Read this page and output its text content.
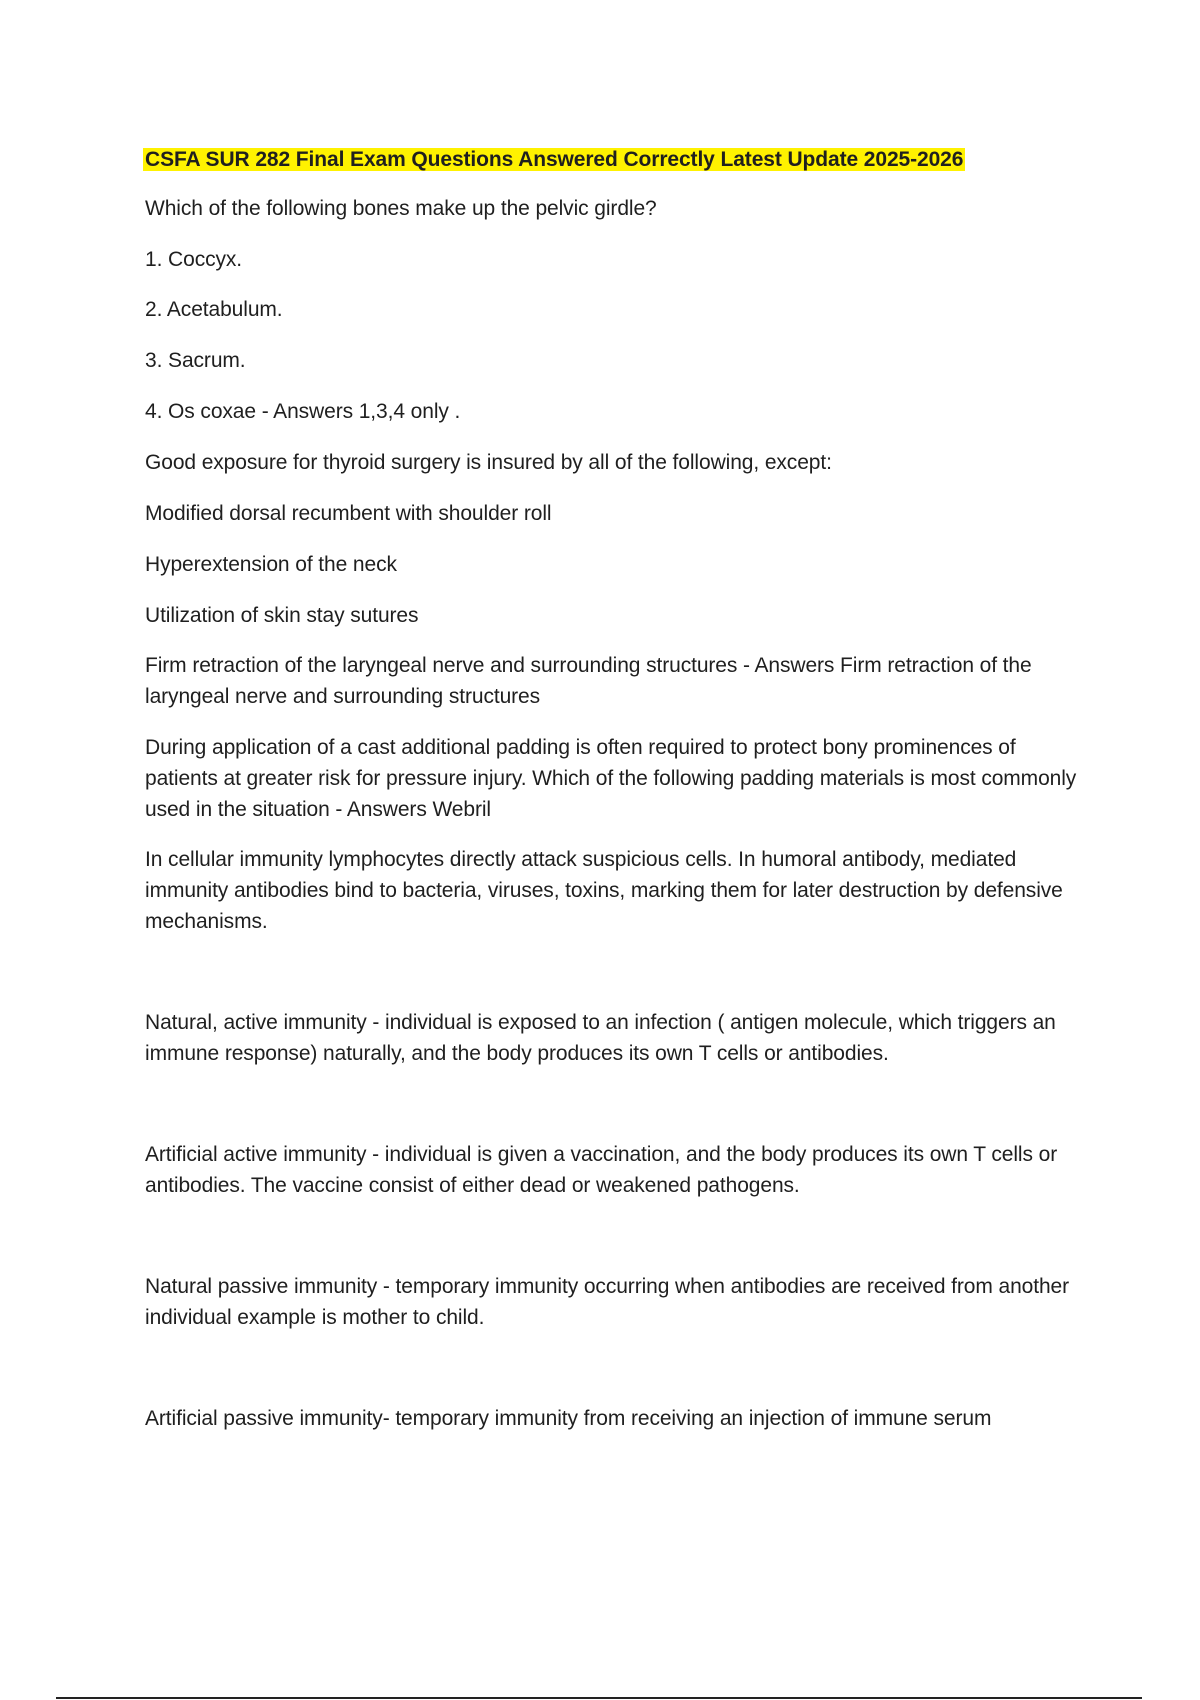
CSFA SUR 282 Final Exam Questions Answered Correctly Latest Update 2025-2026

Which of the following bones make up the pelvic girdle?

1. Coccyx.

2. Acetabulum.

3. Sacrum.

4. Os coxae - Answers 1,3,4 only .

Good exposure for thyroid surgery is insured by all of the following, except:

Modified dorsal recumbent with shoulder roll

Hyperextension of the neck

Utilization of skin stay sutures

Firm retraction of the laryngeal nerve and surrounding structures - Answers Firm retraction of the laryngeal nerve and surrounding structures

During application of a cast additional padding is often required to protect bony prominences of patients at greater risk for pressure injury. Which of the following padding materials is most commonly used in the situation - Answers Webril

In cellular immunity lymphocytes directly attack suspicious cells. In humoral antibody, mediated immunity antibodies bind to bacteria, viruses, toxins, marking them for later destruction by defensive mechanisms.

Natural, active immunity - individual is exposed to an infection ( antigen molecule, which triggers an immune response) naturally, and the body produces its own T cells or antibodies.

Artificial active immunity - individual is given a vaccination, and the body produces its own T cells or antibodies. The vaccine consist of either dead or weakened pathogens.

Natural passive immunity - temporary immunity occurring when antibodies are received from another individual example is mother to child.

Artificial passive immunity- temporary immunity from receiving an injection of immune serum
